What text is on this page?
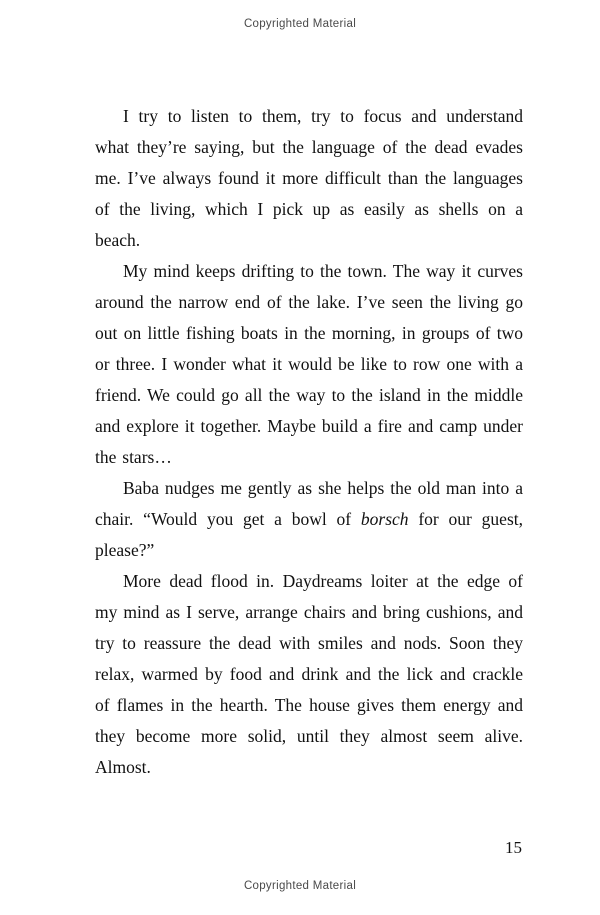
Copyrighted Material

I try to listen to them, try to focus and understand what they’re saying, but the language of the dead evades me. I’ve always found it more difficult than the languages of the living, which I pick up as easily as shells on a beach.

My mind keeps drifting to the town. The way it curves around the narrow end of the lake. I’ve seen the living go out on little fishing boats in the morning, in groups of two or three. I wonder what it would be like to row one with a friend. We could go all the way to the island in the middle and explore it together. Maybe build a fire and camp under the stars…

Baba nudges me gently as she helps the old man into a chair. “Would you get a bowl of borsch for our guest, please?”

More dead flood in. Daydreams loiter at the edge of my mind as I serve, arrange chairs and bring cushions, and try to reassure the dead with smiles and nods. Soon they relax, warmed by food and drink and the lick and crackle of flames in the hearth. The house gives them energy and they become more solid, until they almost seem alive. Almost.

15
Copyrighted Material
